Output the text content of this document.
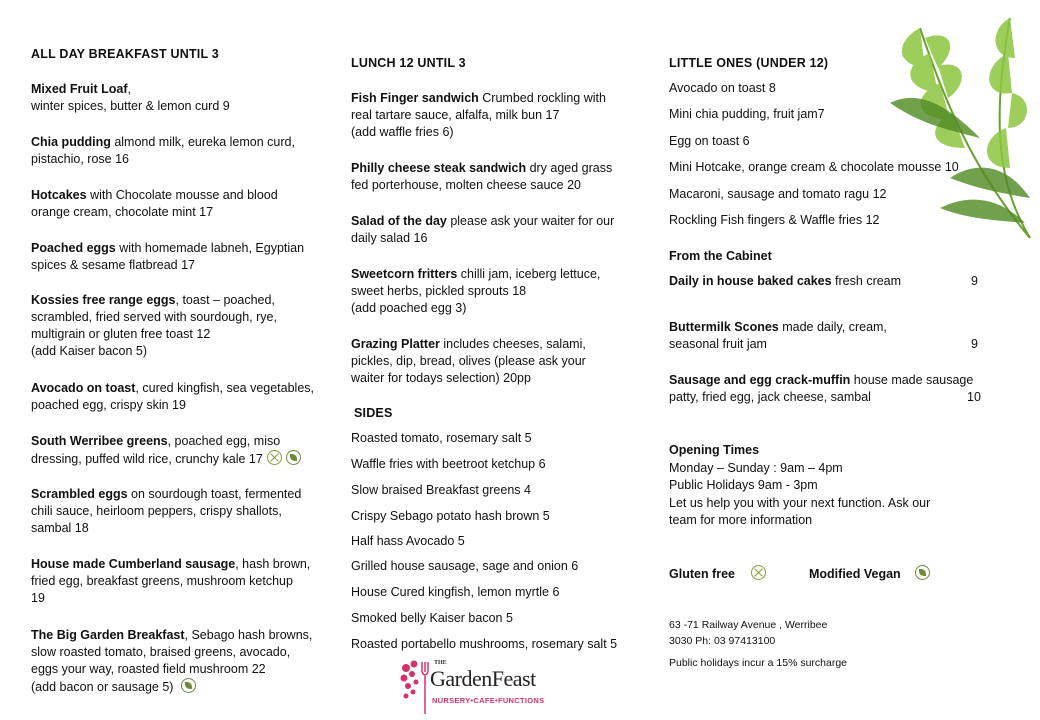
ALL DAY BREAKFAST UNTIL 3
Mixed Fruit Loaf,
winter spices, butter & lemon curd 9
Chia pudding almond milk, eureka lemon curd,
pistachio, rose 16
Hotcakes with Chocolate mousse and blood
orange cream, chocolate mint 17
Poached eggs with homemade labneh, Egyptian
spices & sesame flatbread 17
Kossies free range eggs, toast – poached,
scrambled, fried served with sourdough, rye,
multigrain or gluten free toast 12
(add Kaiser bacon 5)
Avocado on toast, cured kingfish, sea vegetables,
poached egg, crispy skin 19
South Werribee greens, poached egg, miso
dressing, puffed wild rice, crunchy kale 17
Scrambled eggs on sourdough toast, fermented
chili sauce, heirloom peppers, crispy shallots,
sambal 18
House made Cumberland sausage, hash brown,
fried egg, breakfast greens, mushroom ketchup
19
The Big Garden Breakfast, Sebago hash browns,
slow roasted tomato, braised greens, avocado,
eggs your way, roasted field mushroom 22
(add bacon or sausage 5)
LUNCH 12 UNTIL 3
Fish Finger sandwich Crumbed rockling with
real tartare sauce, alfalfa, milk bun 17
(add waffle fries 6)
Philly cheese steak sandwich dry aged grass
fed porterhouse, molten cheese sauce 20
Salad of the day please ask your waiter for our
daily salad 16
Sweetcorn fritters chilli jam, iceberg lettuce,
sweet herbs, pickled sprouts 18
(add poached egg 3)
Grazing Platter includes cheeses, salami,
pickles, dip, bread, olives (please ask your
waiter for todays selection) 20pp
SIDES
Roasted tomato, rosemary salt 5
Waffle fries with beetroot ketchup 6
Slow braised Breakfast greens 4
Crispy Sebago potato hash brown 5
Half hass Avocado 5
Grilled house sausage, sage and onion 6
House Cured kingfish, lemon myrtle 6
Smoked belly Kaiser bacon 5
Roasted portabello mushrooms, rosemary salt 5
THE
GardenFeast
NURSERY•CAFE•FUNCTIONS
LITTLE ONES (UNDER 12)
Avocado on toast 8
Mini chia pudding, fruit jam7
Egg on toast 6
Mini Hotcake, orange cream & chocolate mousse 10
Macaroni, sausage and tomato ragu 12
Rockling Fish fingers & Waffle fries 12
From the Cabinet
Daily in house baked cakes fresh cream	9
Buttermilk Scones made daily, cream,
seasonal fruit jam	9
Sausage and egg crack-muffin house made sausage
patty, fried egg, jack cheese, sambal	10
Opening Times
Monday – Sunday : 9am – 4pm
Public Holidays 9am - 3pm
Let us help you with your next function. Ask our
team for more information
Gluten free	Modified Vegan
63 -71 Railway Avenue , Werribee
3030 Ph: 03 97413100
Public holidays incur a 15% surcharge
